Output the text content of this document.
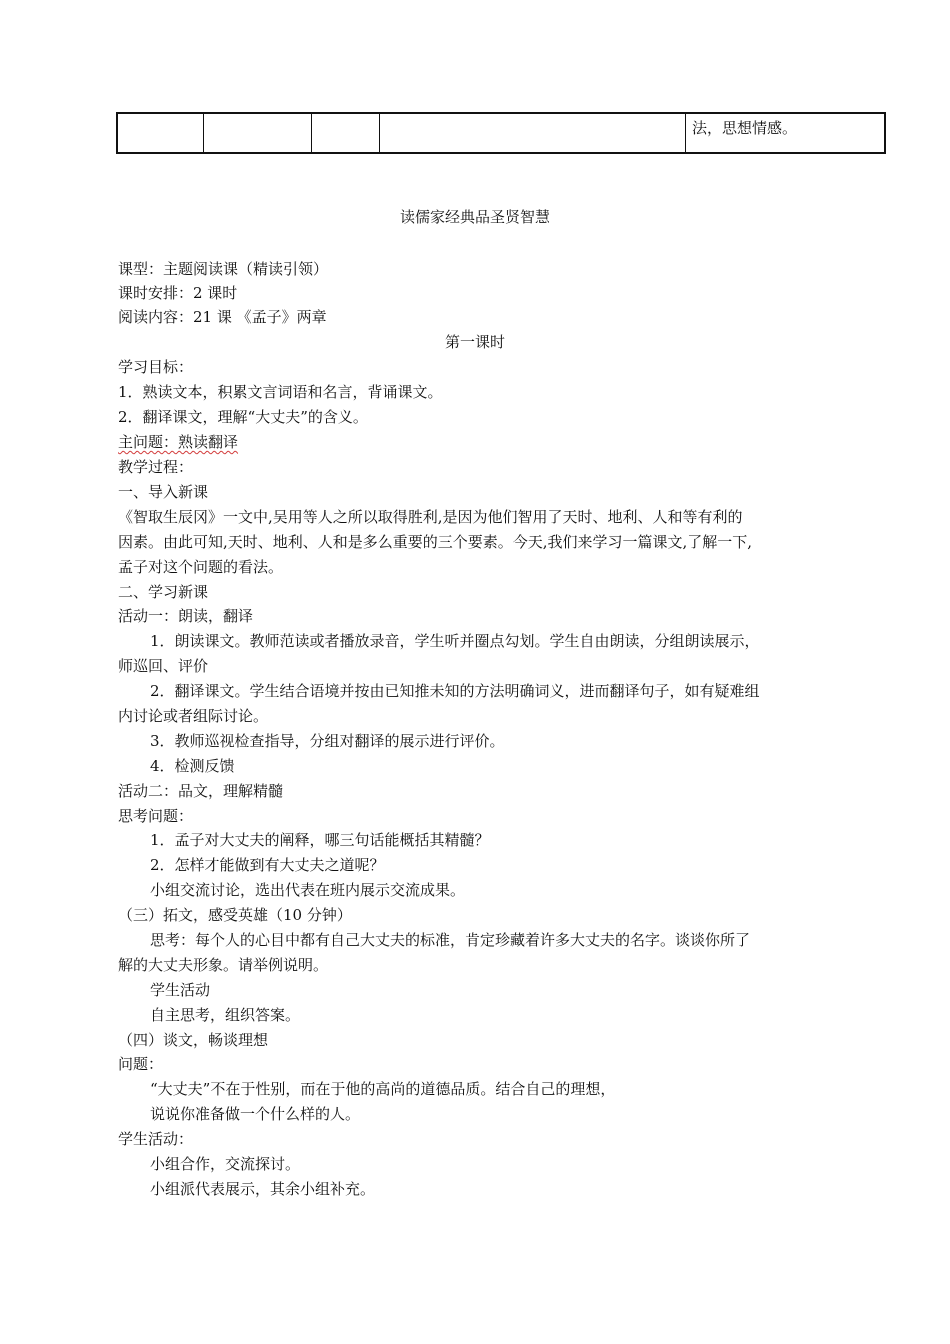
法，思想情感。
读儒家经典品圣贤智慧
课型：主题阅读课（精读引领）
课时安排：2 课时
阅读内容：21 课 《孟子》两章
第一课时
学习目标：
1．熟读文本，积累文言词语和名言，背诵课文。
2．翻译课文，理解“大丈夫”的含义。
主问题：熟读翻译
教学过程：
一、导入新课
《智取生辰冈》一文中,吴用等人之所以取得胜利,是因为他们智用了天时、地利、人和等有利的
因素。由此可知,天时、地利、人和是多么重要的三个要素。今天,我们来学习一篇课文,了解一下,
孟子对这个问题的看法。
二、学习新课
活动一：朗读，翻译
1．朗读课文。教师范读或者播放录音，学生听并圈点勾划。学生自由朗读，分组朗读展示，
师巡回、评价
2．翻译课文。学生结合语境并按由已知推未知的方法明确词义，进而翻译句子，如有疑难组
内讨论或者组际讨论。
3．教师巡视检查指导，分组对翻译的展示进行评价。
4．检测反馈
活动二：品文，理解精髓
思考问题：
1．孟子对大丈夫的阐释，哪三句话能概括其精髓？
2．怎样才能做到有大丈夫之道呢？
小组交流讨论，选出代表在班内展示交流成果。
（三）拓文，感受英雄（10 分钟）
思考：每个人的心目中都有自己大丈夫的标准，肯定珍藏着许多大丈夫的名字。谈谈你所了
解的大丈夫形象。请举例说明。
学生活动
自主思考，组织答案。
（四）谈文，畅谈理想
问题：
“大丈夫”不在于性别，而在于他的高尚的道德品质。结合自己的理想，
说说你准备做一个什么样的人。
学生活动：
小组合作，交流探讨。
小组派代表展示，其余小组补充。
